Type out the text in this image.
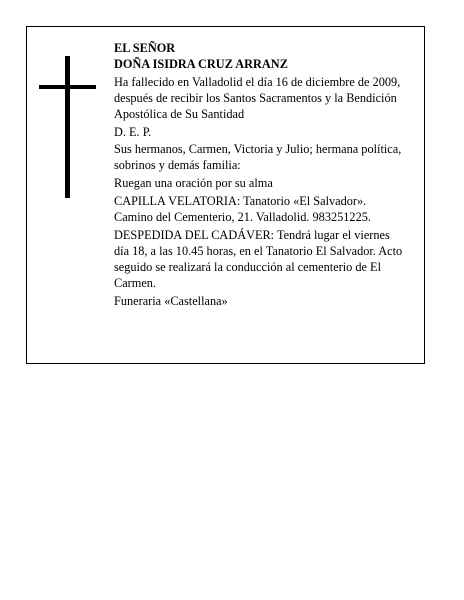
EL SEÑOR

DOÑA ISIDRA CRUZ ARRANZ

Ha fallecido en Valladolid el día 16 de diciembre de 2009, después de recibir los Santos Sacramentos y la Bendición Apostólica de Su Santidad

D. E. P.

Sus hermanos, Carmen, Victoria y Julio; hermana política, sobrinos y demás familia:

Ruegan una oración por su alma

CAPILLA VELATORIA: Tanatorio «El Salvador». Camino del Cementerio, 21. Valladolid. 983251225.

DESPEDIDA DEL CADÁVER: Tendrá lugar el viernes día 18, a las 10.45 horas, en el Tanatorio El Salvador. Acto seguido se realizará la conducción al cementerio de El Carmen.

Funeraria «Castellana»
